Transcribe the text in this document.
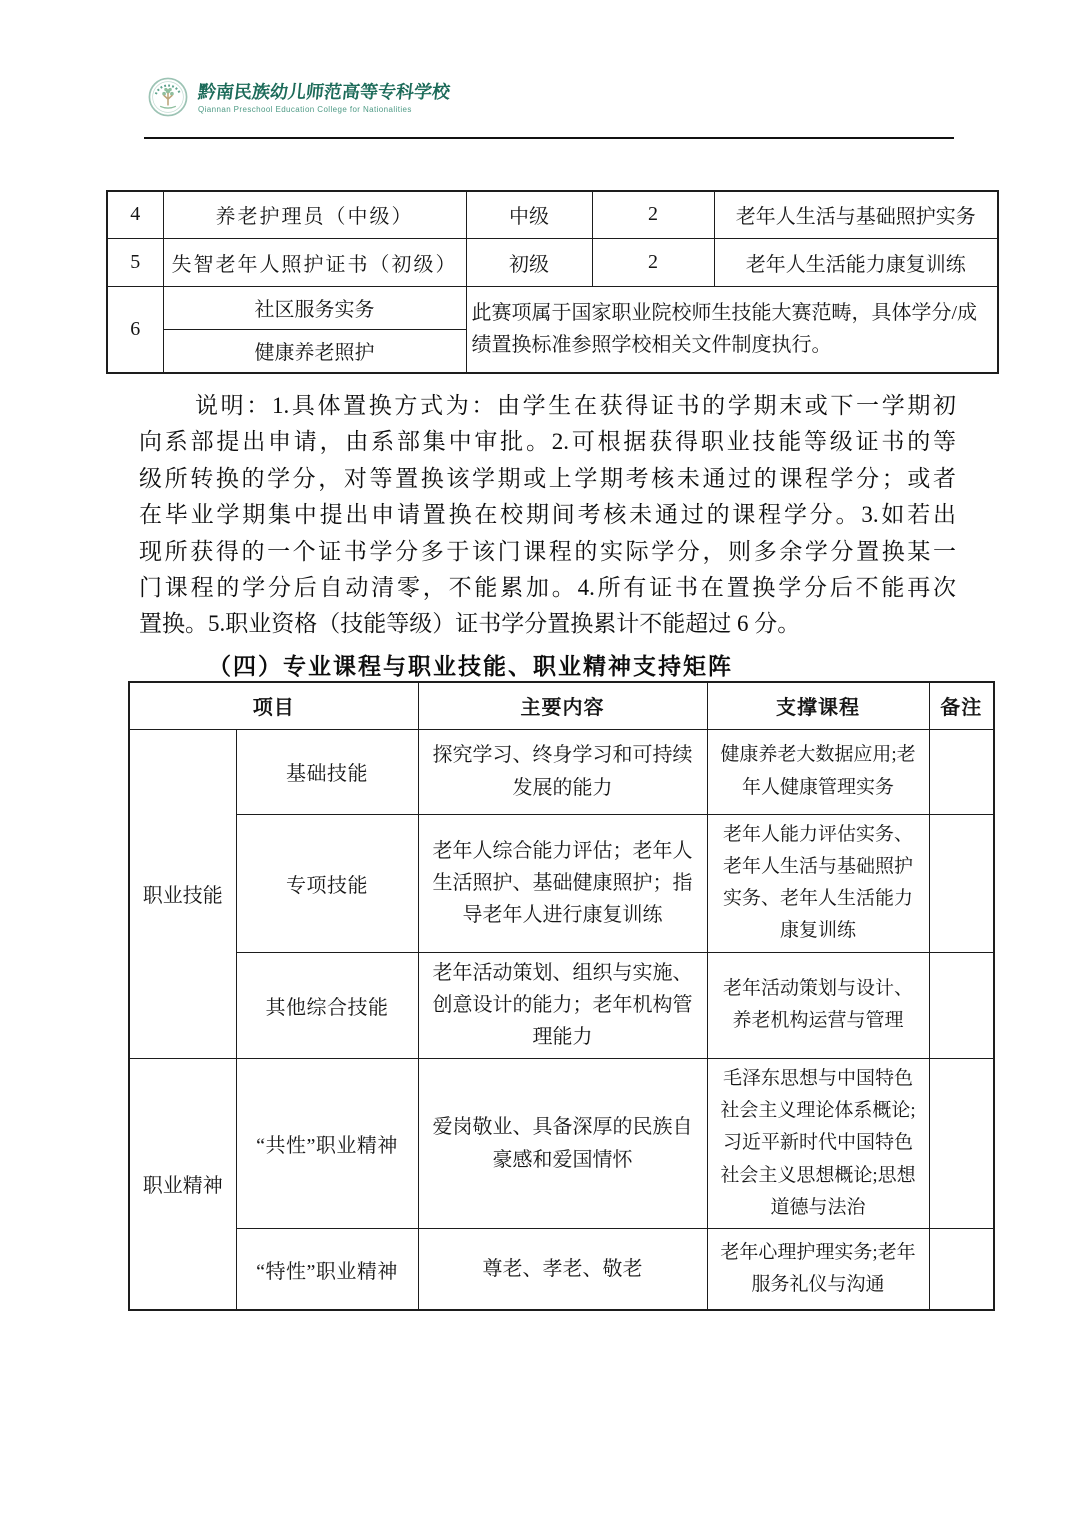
黔南民族幼儿师范高等专科学校
Qiannan Preschool Education College for Nationalities
4	养老护理员（中级）	中级	2	老年人生活与基础照护实务
5	失智老年人照护证书（初级）	初级	2	老年人生活能力康复训练
6	社区服务实务	此赛项属于国家职业院校师生技能大赛范畴，具体学分/成绩置换标准参照学校相关文件制度执行。		
	健康养老照护			
说明：1.具体置换方式为：由学生在获得证书的学期末或下一学期初
向系部提出申请，由系部集中审批。2.可根据获得职业技能等级证书的等
级所转换的学分，对等置换该学期或上学期考核未通过的课程学分；或者
在毕业学期集中提出申请置换在校期间考核未通过的课程学分。3.如若出
现所获得的一个证书学分多于该门课程的实际学分，则多余学分置换某一
门课程的学分后自动清零，不能累加。4.所有证书在置换学分后不能再次
置换。5.职业资格（技能等级）证书学分置换累计不能超过 6 分。
（四）专业课程与职业技能、职业精神支持矩阵
项目		主要内容	支撑课程	备注
职业技能	基础技能	探究学习、终身学习和可持续发展的能力	健康养老大数据应用;老年人健康管理实务	
	专项技能	老年人综合能力评估；老年人生活照护、基础健康照护；指导老年人进行康复训练	老年人能力评估实务、老年人生活与基础照护实务、老年人生活能力康复训练	
	其他综合技能	老年活动策划、组织与实施、创意设计的能力；老年机构管理能力	老年活动策划与设计、养老机构运营与管理	
职业精神	“共性”职业精神	爱岗敬业、具备深厚的民族自豪感和爱国情怀	毛泽东思想与中国特色社会主义理论体系概论;习近平新时代中国特色社会主义思想概论;思想道德与法治	
	“特性”职业精神	尊老、孝老、敬老	老年心理护理实务;老年服务礼仪与沟通	
